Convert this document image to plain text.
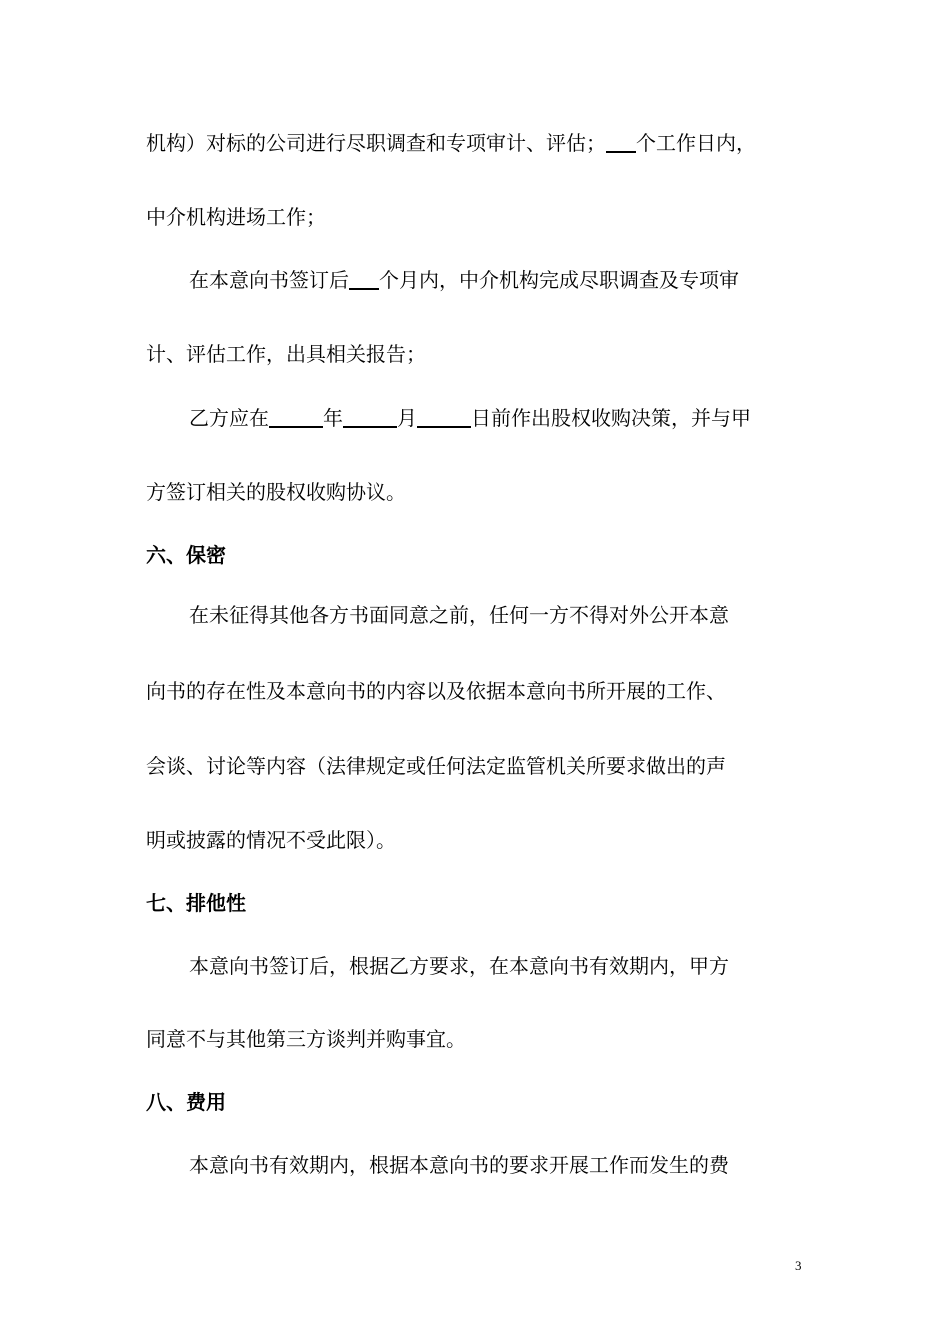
机构）对标的公司进行尽职调查和专项审计、评估； 个工作日内，
中介机构进场工作；
在本意向书签订后 个月内，中介机构完成尽职调查及专项审
计、评估工作，出具相关报告；
乙方应在	年	月	日前作出股权收购决策，并与甲
方签订相关的股权收购协议。
六、保密
在未征得其他各方书面同意之前，任何一方不得对外公开本意
向书的存在性及本意向书的内容以及依据本意向书所开展的工作、
会谈、讨论等内容（法律规定或任何法定监管机关所要求做出的声
明或披露的情况不受此限）。
七、排他性
本意向书签订后，根据乙方要求，在本意向书有效期内，甲方
同意不与其他第三方谈判并购事宜。
八、费用
本意向书有效期内，根据本意向书的要求开展工作而发生的费
3
